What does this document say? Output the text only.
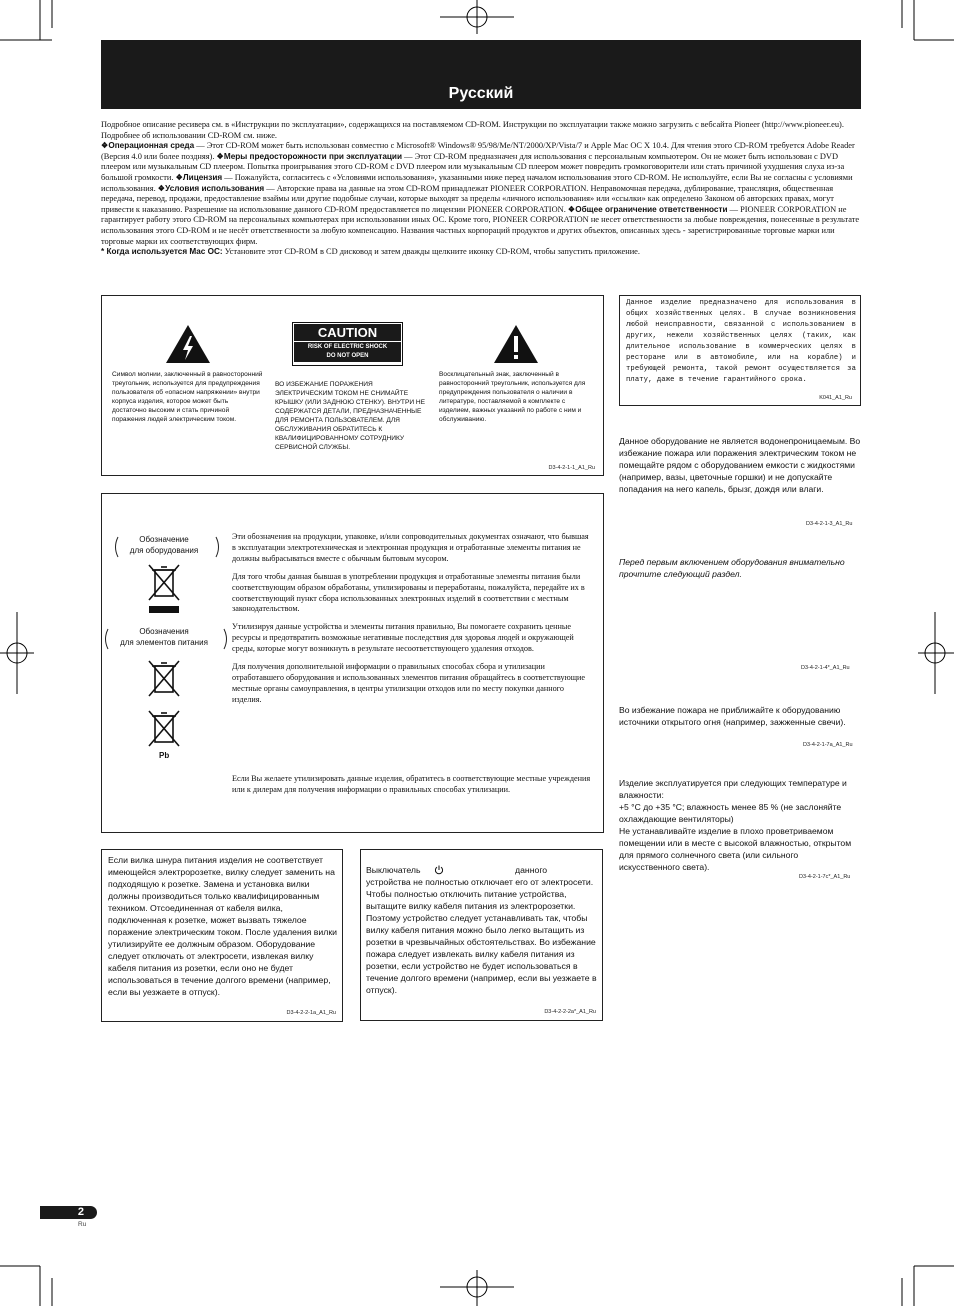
Русский

Подробное описание ресивера см. в «Инструкции по эксплуатации», содержащихся на поставляемом CD-ROM. Инструкции по эксплуатации также можно загрузить с вебсайта Pioneer (http://www.pioneer.eu). Подробнее об использовании CD-ROM см. ниже.

❖Операционная среда — Этот CD-ROM может быть использован совместно с Microsoft® Windows® 95/98/Me/NT/2000/XP/Vista/7 и Apple Mac OC X 10.4. Для чтения этого CD-ROM требуется Adobe Reader (Версия 4.0 или более поздняя). ❖Меры предосторожности при эксплуатации — Этот CD-ROM предназначен для использования с персональным компьютером. Он не может быть использован с DVD плеером или музыкальным CD плеером. Попытка проигрывания этого CD-ROM с DVD плеером или музыкальным CD плеером может повредить громкоговорители или стать причиной ухудшения слуха из-за большой громкости. ❖Лицензия — Пожалуйста, согласитесь с «Условиями использования», указанными ниже перед началом использования этого CD-ROM. Не используйте, если Вы не согласны с условиями использования. ❖Условия использования — Авторские права на данные на этом CD-ROM принадлежат PIONEER CORPORATION. Неправомочная передача, дублирование, трансляция, общественная передача, перевод, продажи, предоставление взаймы или другие подобные случаи, которые выходят за пределы «личного использования» или «ссылки» как определено Законом об авторских правах, могут привести к наказанию. Разрешение на использование данного CD-ROM предоставляется по лицензии PIONEER CORPORATION. ❖Общее ограничение ответственности — PIONEER CORPORATION не гарантирует работу этого CD-ROM на персональных компьютерах при использовании иных ОС. Кроме того, PIONEER CORPORATION не несет ответственности за любые повреждения, понесенные в результате использования этого CD-ROM и не несёт ответственности за любую компенсацию. Названия частных корпораций продуктов и других объектов, описанных здесь - зарегистрированные торговые марки или торговые марки их соответствующих фирм.

* Когда используется Mac OC: Установите этот CD-ROM в CD дисковод и затем дважды щелкните иконку CD-ROM, чтобы запустить приложение.

Символ молнии, заключенный в равносторонний треугольник, используется для предупреждения пользователя об «опасном напряжении» внутри корпуса изделия, которое может быть достаточно высоким и стать причиной поражения людей электрическим током.
ВО ИЗБЕЖАНИЕ ПОРАЖЕНИЯ ЭЛЕКТРИЧЕСКИМ ТОКОМ НЕ СНИМАЙТЕ КРЫШКУ (ИЛИ ЗАДНЮЮ СТЕНКУ). ВНУТРИ НЕ СОДЕРЖАТСЯ ДЕТАЛИ, ПРЕДНАЗНАЧЕННЫЕ ДЛЯ РЕМОНТА ПОЛЬЗОВАТЕЛЕМ. ДЛЯ ОБСЛУЖИВАНИЯ ОБРАТИТЕСЬ К КВАЛИФИЦИРОВАННОМУ СОТРУДНИКУ СЕРВИСНОЙ СЛУЖБЫ.
Восклицательный знак, заключенный в равносторонний треугольник, используется для предупреждения пользователя о наличии в литературе, поставляемой в комплекте с изделием, важных указаний по работе с ним и обслуживанию.
D3-4-2-1-1_A1_Ru
CAUTION
RISK OF ELECTRIC SHOCK
DO NOT OPEN
Данное изделие предназначено для использования в общих хозяйственных целях. В случае возникновения любой неисправности, связанной с использованием в других, нежели хозяйственных целях (таких, как длительное использование в коммерческих целях в ресторане или в автомобиле, или на корабле) и требующей ремонта, такой ремонт осуществляется за плату, даже в течение гарантийного срока.
K041_A1_Ru
Данное оборудование не является водонепроницаемым. Во избежание пожара или поражения электрическим током не помещайте рядом с оборудованием емкости с жидкостями (например, вазы, цветочные горшки) и не допускайте попадания на него капель, брызг, дождя или влаги.
D3-4-2-1-3_A1_Ru
Перед первым включением оборудования внимательно прочтите следующий раздел.
D3-4-2-1-4*_A1_Ru
Во избежание пожара не приближайте к оборудованию источники открытого огня (например, зажженные свечи).
D3-4-2-1-7a_A1_Ru
Изделие эксплуатируется при следующих температуре и влажности:
+5 °C до +35 °C; влажность менее 85 % (не заслоняйте охлаждающие вентиляторы)
Не устанавливайте изделие в плохо проветриваемом помещении или в месте с высокой влажностью, открытом для прямого солнечного света (или сильного искусственного света).
D3-4-2-1-7c*_A1_Ru
Обозначение
для оборудования
Обозначения
для элементов питания
Pb

Эти обозначения на продукции, упаковке, и/или сопроводительных документах означают, что бывшая в эксплуатации электротехническая и электронная продукция и отработанные элементы питания не должны выбрасываться вместе с обычным бытовым мусором.

Для того чтобы данная бывшая в употреблении продукция и отработанные элементы питания были соответствующим образом обработаны, утилизированы и переработаны, пожалуйста, передайте их в соответствующий пункт сбора использованных электронных изделий в соответствии с местным законодательством.

Утилизируя данные устройства и элементы питания правильно, Вы помогаете сохранить ценные ресурсы и предотвратить возможные негативные последствия для здоровья людей и окружающей среды, которые могут возникнуть в результате несоответствующего удаления отходов.

Для получения дополнительной информации о правильных способах сбора и утилизации отработавшего оборудования и использованных элементов питания обращайтесь в соответствующие местные органы самоуправления, в центры утилизации отходов или по месту покупки данного изделия.

Если Вы желаете утилизировать данные изделия, обратитесь в соответствующие местные учреждения или к дилерам для получения информации о правильных способах утилизации.
Если вилка шнура питания изделия не соответствует имеющейся электророзетке, вилку следует заменить на подходящую к розетке. Замена и установка вилки должны производиться только квалифицированным техником. Отсоединенная от кабеля вилка, подключенная к розетке, может вызвать тяжелое поражение электрическим током. После удаления вилки утилизируйте ее должным образом. Оборудование следует отключать от электросети, извлекая вилку кабеля питания из розетки, если оно не будет использоваться в течение долгого времени (например, если вы уезжаете в отпуск).
D3-4-2-2-1a_A1_Ru
Выключатель	данного
устройства не полностью отключает его от электросети. Чтобы полностью отключить питание устройства, вытащите вилку кабеля питания из электророзетки. Поэтому устройство следует устанавливать так, чтобы вилку кабеля питания можно было легко вытащить из розетки в чрезвычайных обстоятельствах. Во избежание пожара следует извлекать вилку кабеля питания из розетки, если устройство не будет использоваться в течение долгого времени (например, если вы уезжаете в отпуск).
D3-4-2-2-2a*_A1_Ru
2
Ru
